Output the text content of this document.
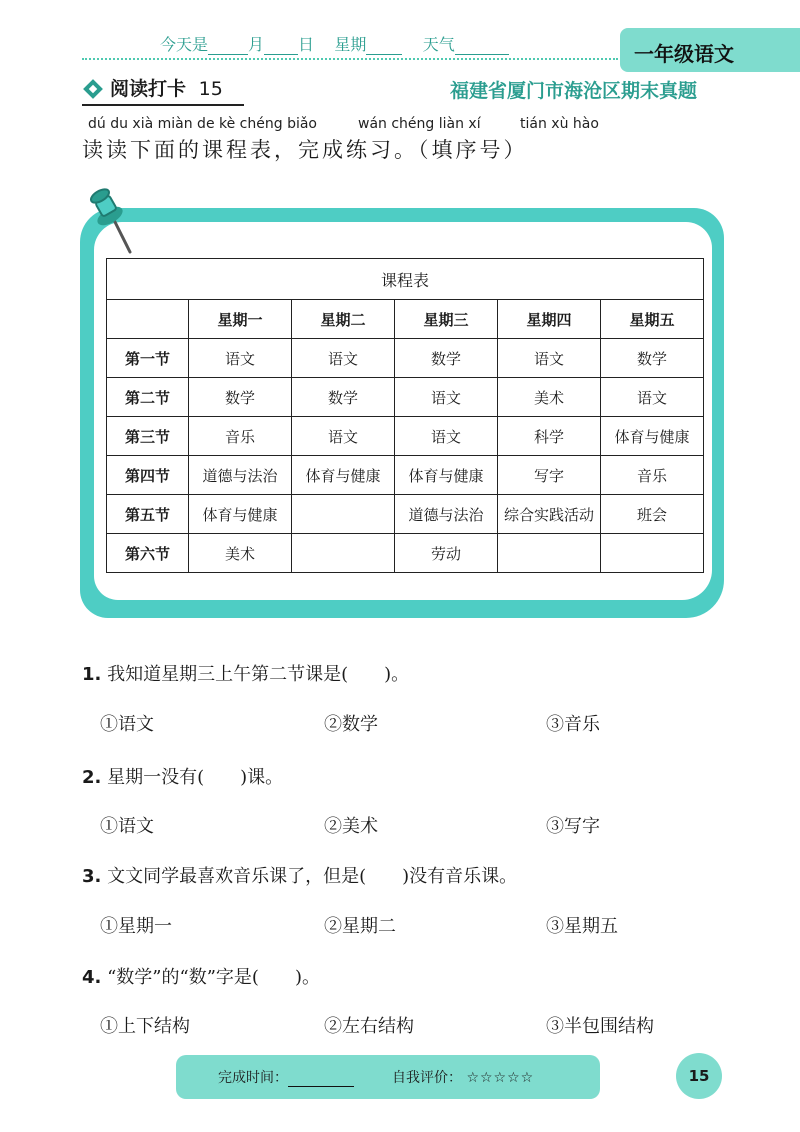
今天是	月 日 星期	天气	一年级语文
阅读打卡 15	福建省厦门市海沧区期末真题
dú du xià miàn de kè chéng biǎo	wán chéng liàn xí	tián xù hào
读读下面的课程表，完成练习。（填序号）
课程表					
	星期一	星期二	星期三	星期四	星期五
第一节	语文	语文	数学	语文	数学
第二节	数学	数学	语文	美术	语文
第三节	音乐	语文	语文	科学	体育与健康
第四节	道德与法治	体育与健康	体育与健康	写字	音乐
第五节	体育与健康		道德与法治	综合实践活动	班会
第六节	美术		劳动		
1. 我知道星期三上午第二节课是(　　)。
①语文	②数学	③音乐
2. 星期一没有(　　)课。
①语文	②美术	③写字
3. 文文同学最喜欢音乐课了，但是(　　)没有音乐课。
①星期一	②星期二	③星期五
4. “数学”的“数”字是(　　)。
①上下结构	②左右结构	③半包围结构
完成时间：	自我评价： ☆☆☆☆☆	15
